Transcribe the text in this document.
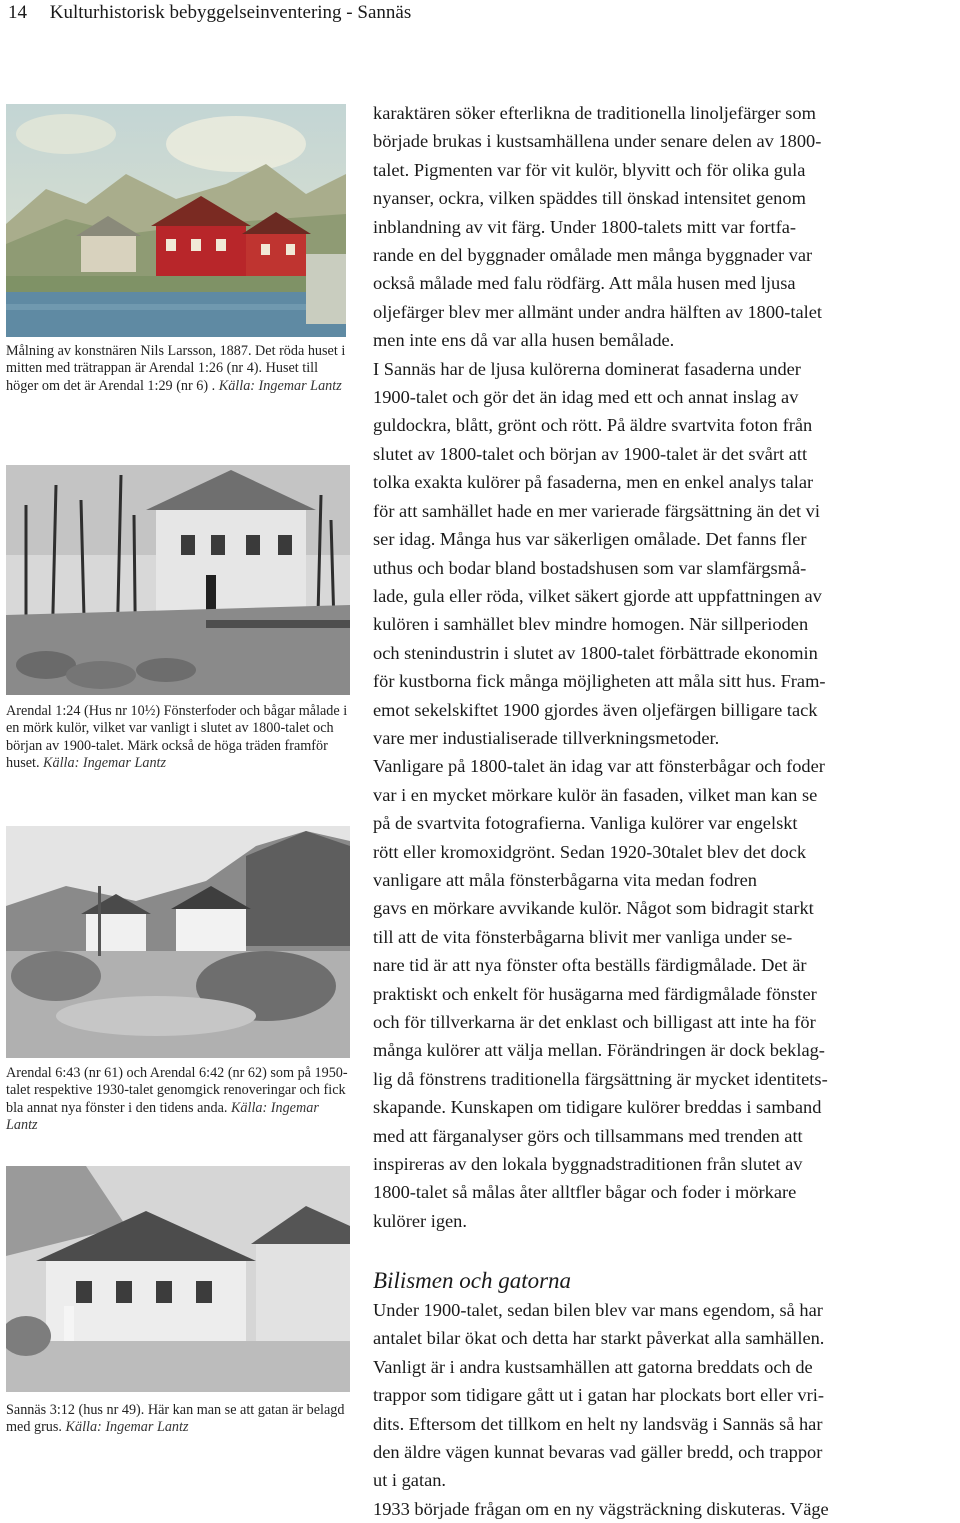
14 Kulturhistorisk bebyggelseinventering - Sannäs
Målning av konstnären Nils Larsson, 1887. Det röda huset i mitten med trätrappan är Arendal 1:26 (nr 4). Huset till höger om det är Arendal 1:29 (nr 6) . Källa: Ingemar Lantz
Arendal 1:24 (Hus nr 10½) Fönsterfoder och bågar målade i en mörk kulör, vilket var vanligt i slutet av 1800-talet och början av 1900-talet. Märk också de höga träden framför huset. Källa: Ingemar Lantz
Arendal 6:43 (nr 61) och Arendal 6:42 (nr 62) som på 1950-talet respektive 1930-talet genomgick renoveringar och fick bla annat nya fönster i den tidens anda. Källa: Ingemar Lantz
Sannäs 3:12 (hus nr 49). Här kan man se att gatan är belagd med grus. Källa: Ingemar Lantz

karaktären söker efterlikna de traditionella linoljefärger som

började brukas i kustsamhällena under senare delen av 1800-

talet. Pigmenten var för vit kulör, blyvitt och för olika gula

nyanser, ockra, vilken späddes till önskad intensitet genom

inblandning av vit färg. Under 1800-talets mitt var fortfa-

rande en del byggnader omålade men många byggnader var

också målade med falu rödfärg. Att måla husen med ljusa

oljefärger blev mer allmänt under andra hälften av 1800-talet

men inte ens då var alla husen bemålade.

I Sannäs har de ljusa kulörerna dominerat fasaderna under

1900-talet och gör det än idag med ett och annat inslag av

guldockra, blått, grönt och rött. På äldre svartvita foton från

slutet av 1800-talet och början av 1900-talet är det svårt att

tolka exakta kulörer på fasaderna, men en enkel analys talar

för att samhället hade en mer varierade färgsättning än det vi

ser idag. Många hus var säkerligen omålade. Det fanns fler

uthus och bodar bland bostadshusen som var slamfärgsmå-

lade, gula eller röda, vilket säkert gjorde att uppfattningen av

kulören i samhället blev mindre homogen. När sillperioden

och stenindustrin i slutet av 1800-talet förbättrade ekonomin

för kustborna fick många möjligheten att måla sitt hus. Fram-

emot sekelskiftet 1900 gjordes även oljefärgen billigare tack

vare mer industialiserade tillverkningsmetoder.

Vanligare på 1800-talet än idag var att fönsterbågar och foder

var i en mycket mörkare kulör än fasaden, vilket man kan se

på de svartvita fotografierna. Vanliga kulörer var engelskt

rött eller kromoxidgrönt. Sedan 1920-30talet blev det dock

vanligare att måla fönsterbågarna vita medan fodren

gavs en mörkare avvikande kulör. Något som bidragit starkt

till att de vita fönsterbågarna blivit mer vanliga under se-

nare tid är att nya fönster ofta beställs färdigmålade. Det är

praktiskt och enkelt för husägarna med färdigmålade fönster

och för tillverkarna är det enklast och billigast att inte ha för

många kulörer att välja mellan. Förändringen är dock beklag-

lig då fönstrens traditionella färgsättning är mycket identitets-

skapande. Kunskapen om tidigare kulörer breddas i samband

med att färganalyser görs och tillsammans med trenden att

inspireras av den lokala byggnadstraditionen från slutet av

1800-talet så målas åter alltfler bågar och foder i mörkare

kulörer igen.

Bilismen och gatorna

Under 1900-talet, sedan bilen blev var mans egendom, så har

antalet bilar ökat och detta har starkt påverkat alla samhällen.

Vanligt är i andra kustsamhällen att gatorna breddats och de

trappor som tidigare gått ut i gatan har plockats bort eller vri-

dits. Eftersom det tillkom en helt ny landsväg i Sannäs så har

den äldre vägen kunnat bevaras vad gäller bredd, och trappor

ut i gatan.

1933 började frågan om en ny vägsträckning diskuteras. Väge
